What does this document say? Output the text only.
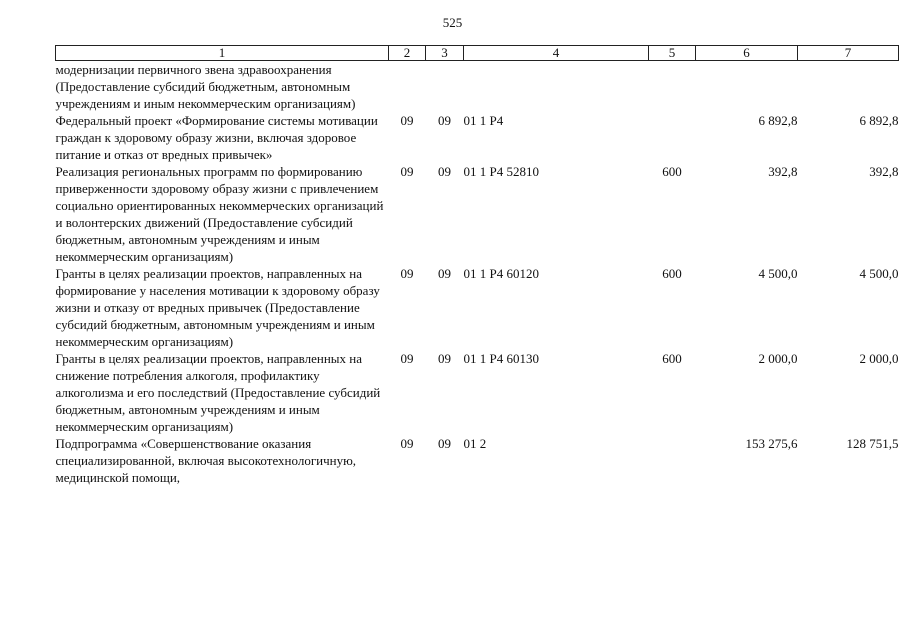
525
1	2	3	4	5	6	7
модернизации первичного звена здравоохранения (Предоставление субсидий бюджетным, автономным учреждениям и иным некоммерческим организациям)						
Федеральный проект «Формирование системы мотивации граждан к здоровому образу жизни, включая здоровое питание и отказ от вредных привычек»	09	09	01 1 P4		6 892,8	6 892,8
Реализация региональных программ по формированию приверженности здоровому образу жизни с привлечением социально ориентированных некоммерческих организаций и волонтерских движений (Предоставление субсидий бюджетным, автономным учреждениям и иным некоммерческим организациям)	09	09	01 1 P4 52810	600	392,8	392,8
Гранты в целях реализации проектов, направленных на формирование у населения мотивации к здоровому образу жизни и отказу от вредных привычек (Предоставление субсидий бюджетным, автономным учреждениям и иным некоммерческим организациям)	09	09	01 1 P4 60120	600	4 500,0	4 500,0
Гранты в целях реализации проектов, направленных на снижение потребления алкоголя, профилактику алкоголизма и его последствий (Предоставление субсидий бюджетным, автономным учреждениям и иным некоммерческим организациям)	09	09	01 1 P4 60130	600	2 000,0	2 000,0
Подпрограмма «Совершенствование оказания специализированной, включая высокотехнологичную, медицинской помощи,	09	09	01 2		153 275,6	128 751,5
